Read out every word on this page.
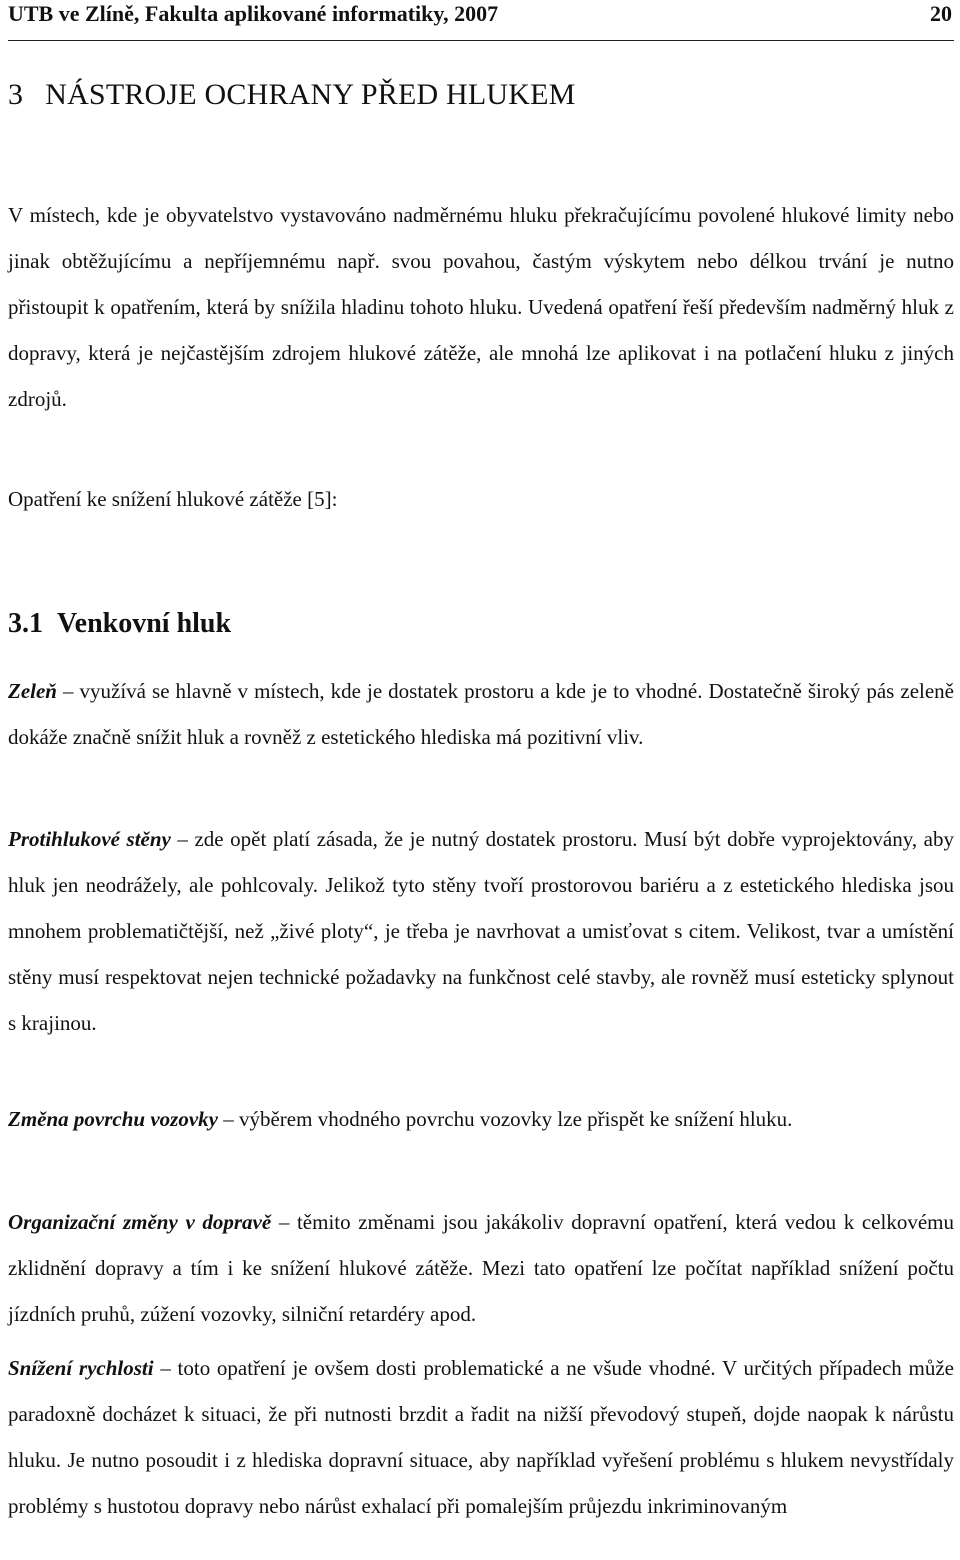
UTB ve Zlíně, Fakulta aplikované informatiky, 2007	20
3 NÁSTROJE OCHRANY PŘED HLUKEM

V místech, kde je obyvatelstvo vystavováno nadměrnému hluku překračujícímu povolené hlukové limity nebo jinak obtěžujícímu a nepříjemnému např. svou povahou, častým výskytem nebo délkou trvání je nutno přistoupit k opatřením, která by snížila hladinu tohoto hluku. Uvedená opatření řeší především nadměrný hluk z dopravy, která je nejčastějším zdrojem hlukové zátěže, ale mnohá lze aplikovat i na potlačení hluku z jiných zdrojů.

Opatření ke snížení hlukové zátěže [5]:

3.1 Venkovní hluk

Zeleň – využívá se hlavně v místech, kde je dostatek prostoru a kde je to vhodné. Dostatečně široký pás zeleně dokáže značně snížit hluk a rovněž z estetického hlediska má pozitivní vliv.

Protihlukové stěny – zde opět platí zásada, že je nutný dostatek prostoru. Musí být dobře vyprojektovány, aby hluk jen neodrážely, ale pohlcovaly. Jelikož tyto stěny tvoří prostorovou bariéru a z estetického hlediska jsou mnohem problematičtější, než „živé ploty“, je třeba je navrhovat a umisťovat s citem. Velikost, tvar a umístění stěny musí respektovat nejen technické požadavky na funkčnost celé stavby, ale rovněž musí esteticky splynout s krajinou.

Změna povrchu vozovky – výběrem vhodného povrchu vozovky lze přispět ke snížení hluku.

Organizační změny v dopravě – těmito změnami jsou jakákoliv dopravní opatření, která vedou k celkovému zklidnění dopravy a tím i ke snížení hlukové zátěže. Mezi tato opatření lze počítat například snížení počtu jízdních pruhů, zúžení vozovky, silniční retardéry apod.

Snížení rychlosti – toto opatření je ovšem dosti problematické a ne všude vhodné. V určitých případech může paradoxně docházet k situaci, že při nutnosti brzdit a řadit na nižší převodový stupeň, dojde naopak k nárůstu hluku. Je nutno posoudit i z hlediska dopravní situace, aby například vyřešení problému s hlukem nevystřídaly problémy s hustotou dopravy nebo nárůst exhalací při pomalejším průjezdu inkriminovaným
